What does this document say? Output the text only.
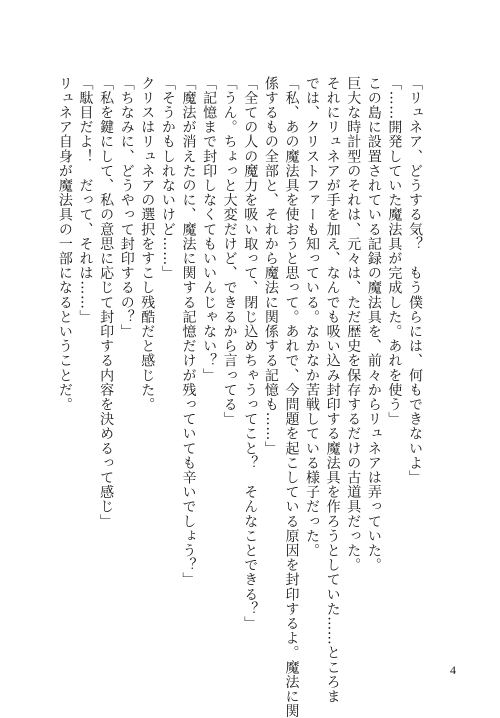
「リュネア、どうする気？　もう僕らには、何もできないよ」
「……開発していた魔法具が完成した。あれを使う」
この島に設置されている記録の魔法具を、前々からリュネアは弄っていた。
巨大な時計型のそれは、元々は、ただ歴史を保存するだけの古道具だった。
それにリュネアが手を加え、なんでも吸い込み封印する魔法具を作ろうとしていた……ところま
では、クリストファーも知っている。なかなか苦戦している様子だった。
「私、あの魔法具を使おうと思って。あれで、今問題を起こしている原因を封印するよ。魔法に関
係するもの全部と、それから魔法に関係する記憶も……」
「全ての人の魔力を吸い取って、閉じ込めちゃうってこと？　そんなことできる？」
「うん。ちょっと大変だけど、できるから言ってる」
「記憶まで封印しなくてもいいんじゃない？」
「魔法が消えたのに、魔法に関する記憶だけが残っていても辛いでしょう？」
「そうかもしれないけど……」
クリスはリュネアの選択をすこし残酷だと感じた。
「ちなみに、どうやって封印するの？」
「私を鍵にして、私の意思に応じて封印する内容を決めるって感じ」
「駄目だよ！　だって、それは……」
リュネア自身が魔法具の一部になるということだ。
4
